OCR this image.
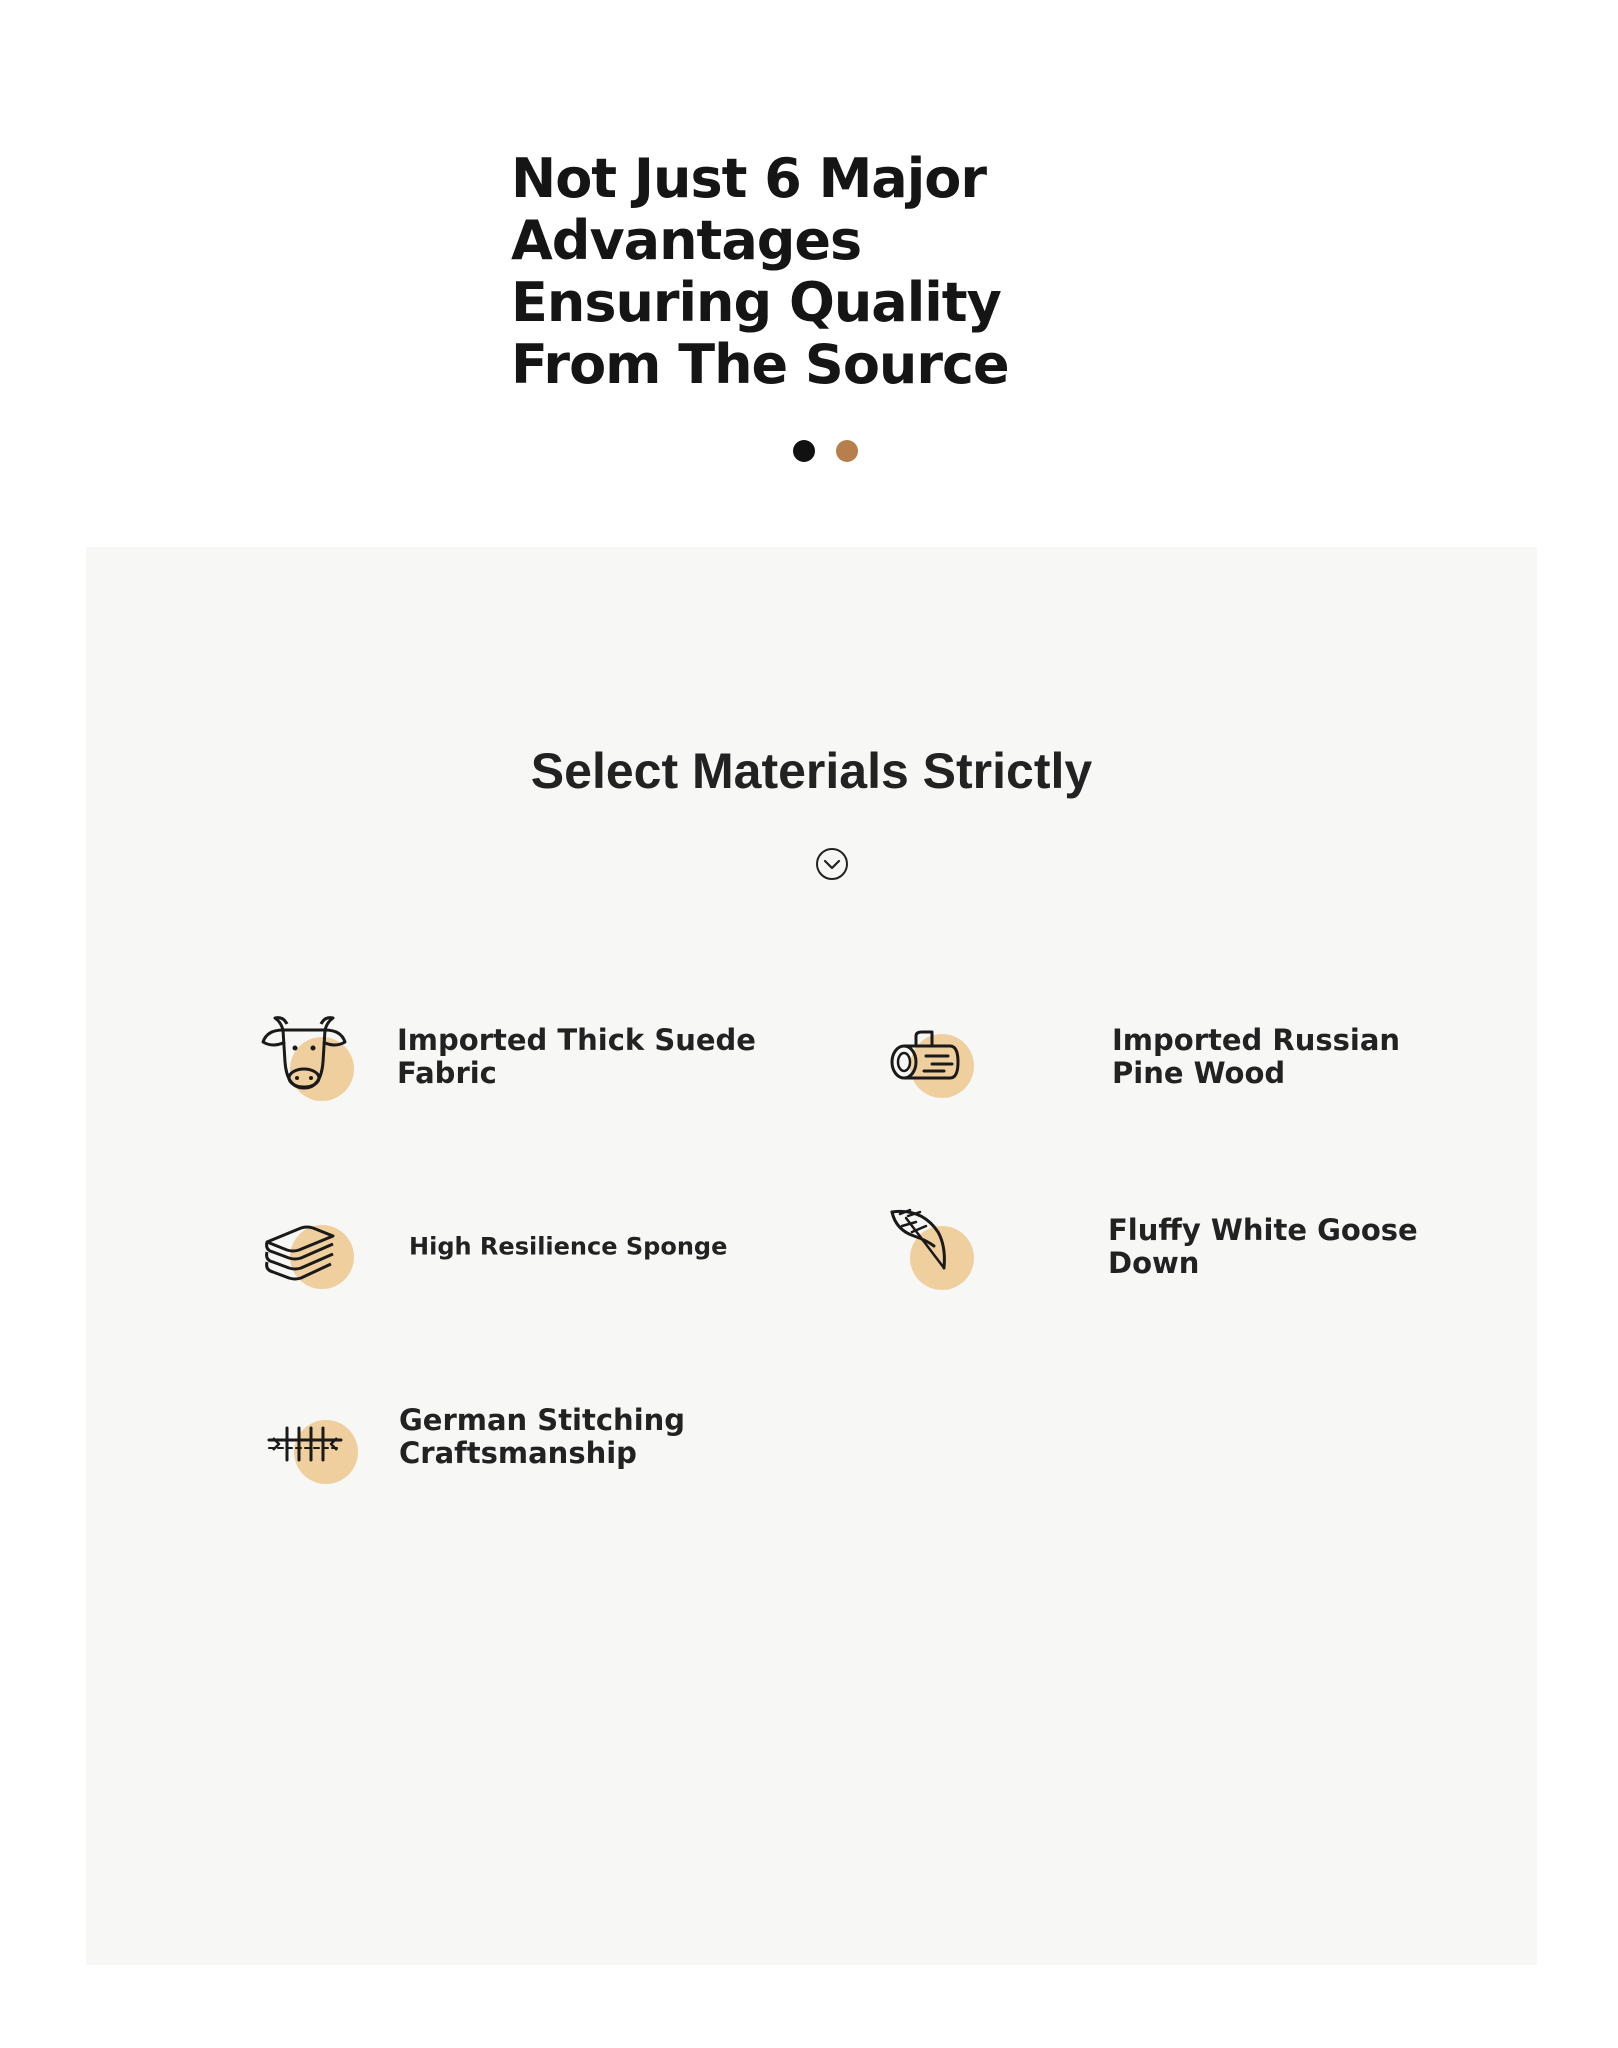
Not Just 6 Major Advantages Ensuring Quality From The Source
Select Materials Strictly
Imported Thick Suede Fabric
Imported Russian Pine Wood
High Resilience Sponge	Fluffy White Goose Down
German Stitching Craftsmanship
